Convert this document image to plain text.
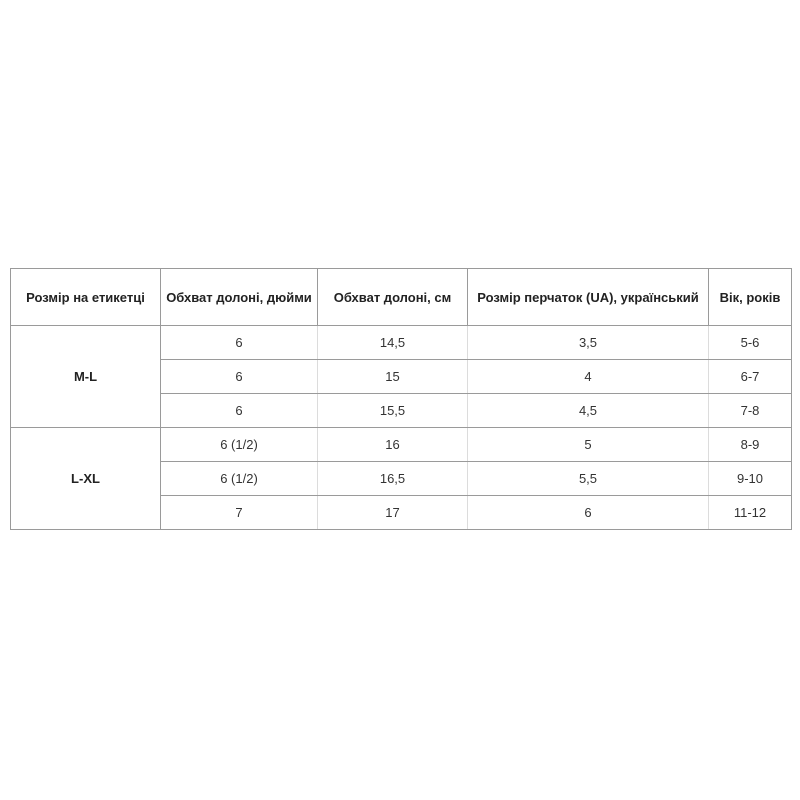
Розмір на етикетці	Обхват долоні, дюйми	Обхват долоні, см	Розмір перчаток (UA), український	Вік, років
M-L	6	14,5	3,5	5-6
	6	15	4	6-7
	6	15,5	4,5	7-8
L-XL	6 (1/2)	16	5	8-9
	6 (1/2)	16,5	5,5	9-10
	7	17	6	11-12
